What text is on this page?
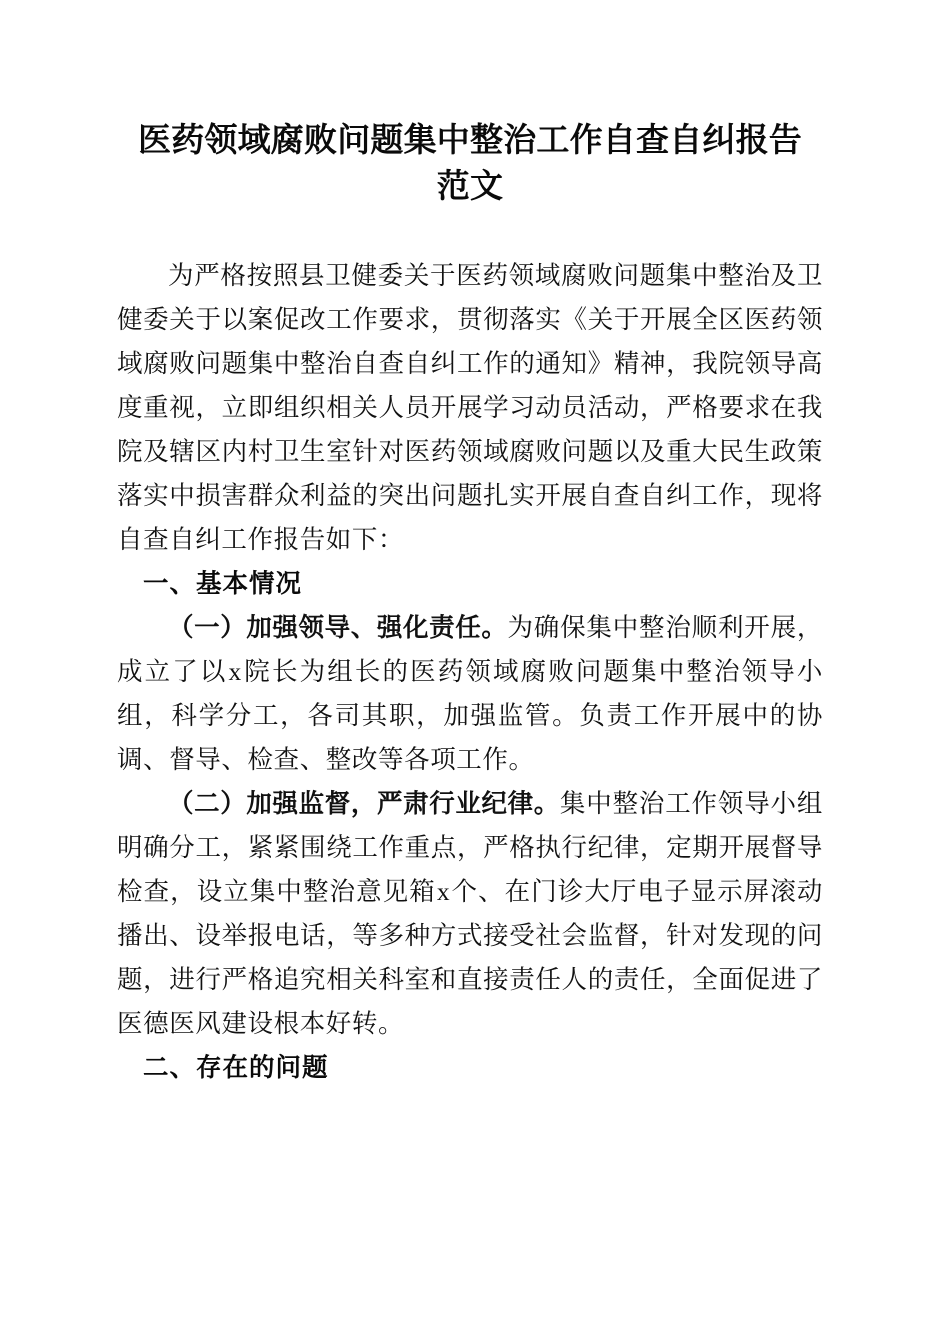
医药领域腐败问题集中整治工作自查自纠报告
范文

为严格按照县卫健委关于医药领域腐败问题集中整治及卫健委关于以案促改工作要求，贯彻落实《关于开展全区医药领域腐败问题集中整治自查自纠工作的通知》精神，我院领导高度重视，立即组织相关人员开展学习动员活动，严格要求在我院及辖区内村卫生室针对医药领域腐败问题以及重大民生政策落实中损害群众利益的突出问题扎实开展自查自纠工作，现将自查自纠工作报告如下：

一、基本情况

（一）加强领导、强化责任。为确保集中整治顺利开展，成立了以x院长为组长的医药领域腐败问题集中整治领导小组，科学分工，各司其职，加强监管。负责工作开展中的协调、督导、检查、整改等各项工作。

（二）加强监督，严肃行业纪律。集中整治工作领导小组明确分工，紧紧围绕工作重点，严格执行纪律，定期开展督导检查，设立集中整治意见箱x个、在门诊大厅电子显示屏滚动播出、设举报电话，等多种方式接受社会监督，针对发现的问题，进行严格追究相关科室和直接责任人的责任，全面促进了医德医风建设根本好转。

二、存在的问题
